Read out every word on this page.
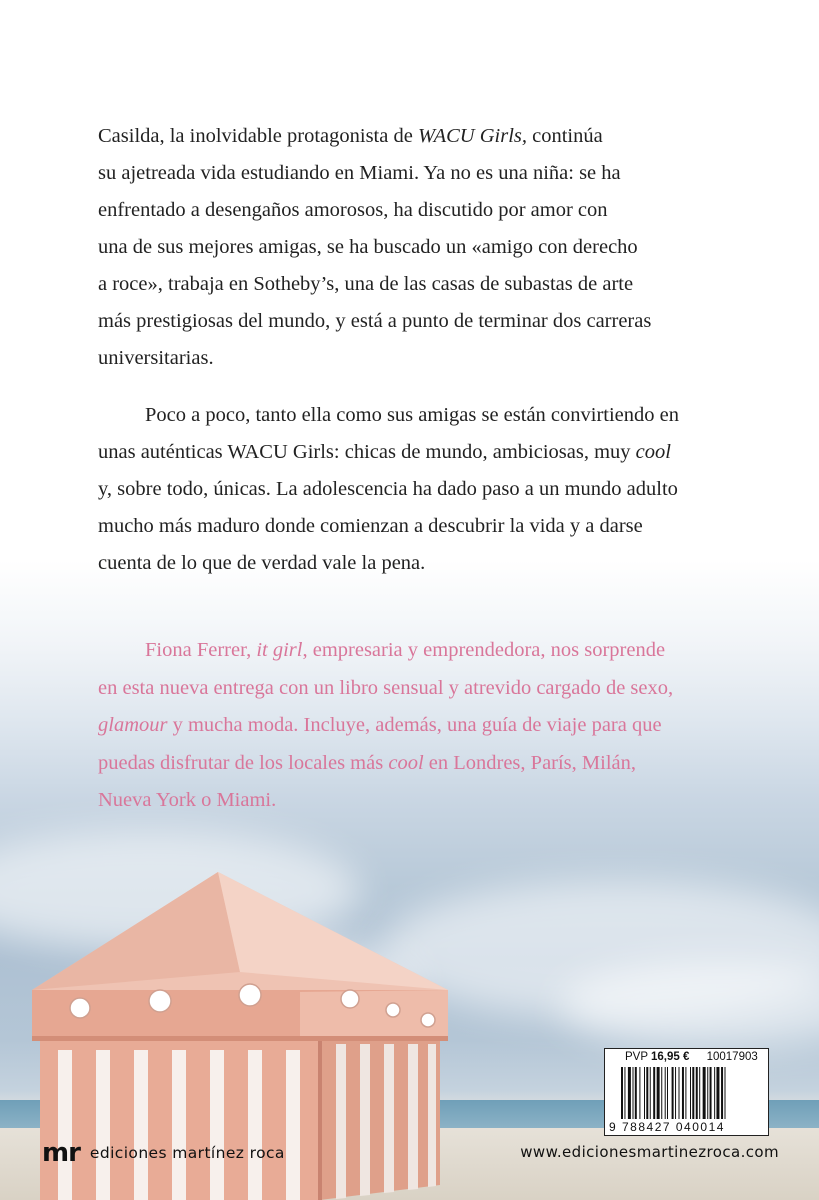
Casilda, la inolvidable protagonista de WACU Girls, continúa

su ajetreada vida estudiando en Miami. Ya no es una niña: se ha

enfrentado a desengaños amorosos, ha discutido por amor con

una de sus mejores amigas, se ha buscado un «amigo con derecho

a roce», trabaja en Sotheby’s, una de las casas de subastas de arte

más prestigiosas del mundo, y está a punto de terminar dos carreras

universitarias.

Poco a poco, tanto ella como sus amigas se están convirtiendo en

unas auténticas WACU Girls: chicas de mundo, ambiciosas, muy cool

y, sobre todo, únicas. La adolescencia ha dado paso a un mundo adulto

mucho más maduro donde comienzan a descubrir la vida y a darse

cuenta de lo que de verdad vale la pena.

Fiona Ferrer, it girl, empresaria y emprendedora, nos sorprende

en esta nueva entrega con un libro sensual y atrevido cargado de sexo,

glamour y mucha moda. Incluye, además, una guía de viaje para que

puedas disfrutar de los locales más cool en Londres, París, Milán,

Nueva York o Miami.

PVP 16,95 € 10017903
9 788427 040014
mr ediciones martínez roca	www.edicionesmartinezroca.com
